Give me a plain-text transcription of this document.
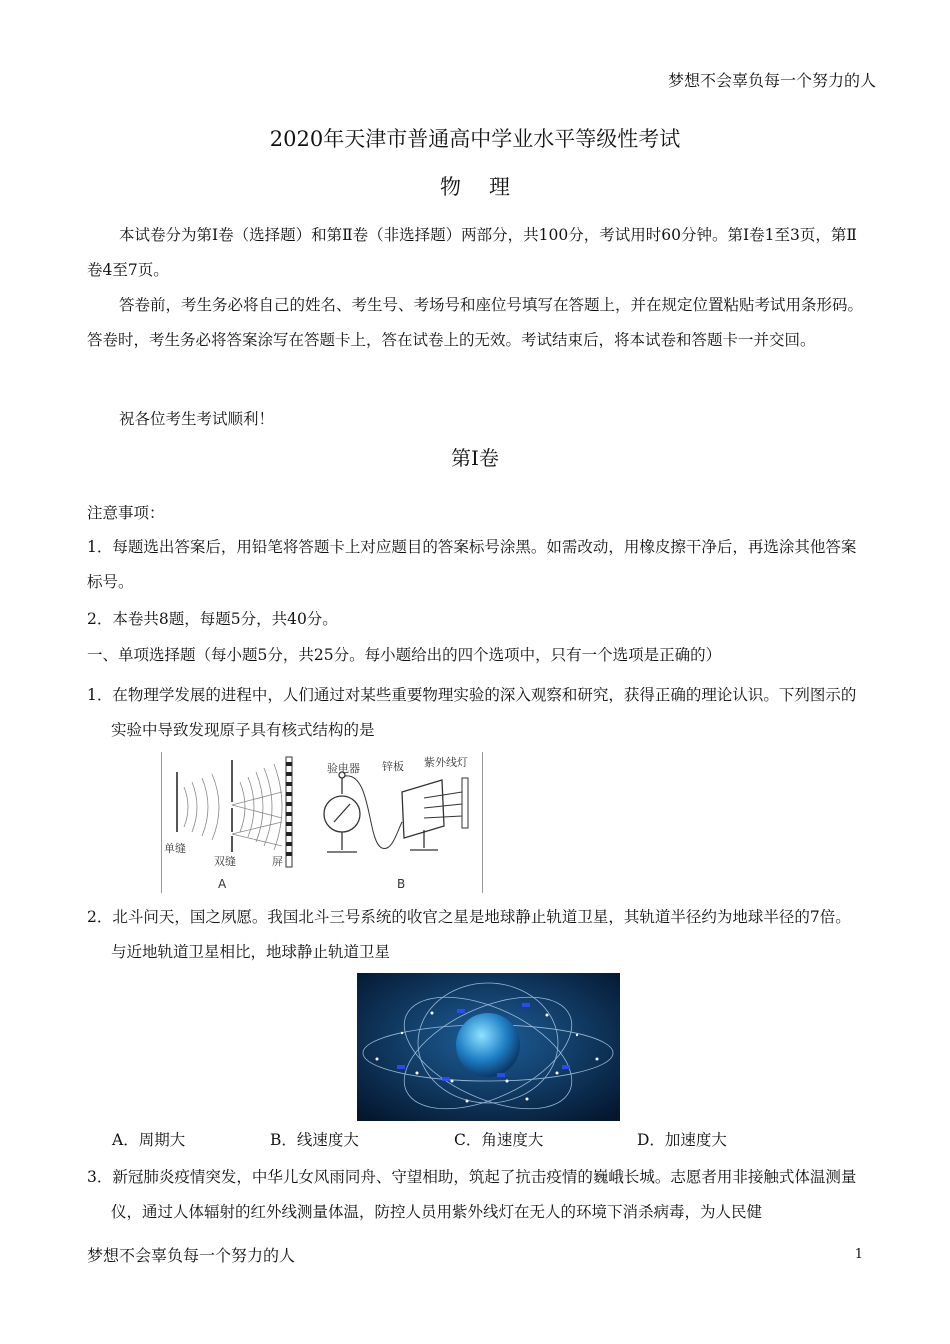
梦想不会辜负每一个努力的人
2020年天津市普通高中学业水平等级性考试
物理
本试卷分为第Ⅰ卷（选择题）和第Ⅱ卷（非选择题）两部分，共100分，考试用时60分钟。第Ⅰ卷1至3页，第Ⅱ卷4至7页。
答卷前，考生务必将自己的姓名、考生号、考场号和座位号填写在答题上，并在规定位置粘贴考试用条形码。答卷时，考生务必将答案涂写在答题卡上，答在试卷上的无效。考试结束后，将本试卷和答题卡一并交回。
祝各位考生考试顺利！
第Ⅰ卷
注意事项：
1．每题选出答案后，用铅笔将答题卡上对应题目的答案标号涂黑。如需改动，用橡皮擦干净后，再选涂其他答案标号。
2．本卷共8题，每题5分，共40分。
一、单项选择题（每小题5分，共25分。每小题给出的四个选项中，只有一个选项是正确的）
1．在物理学发展的进程中，人们通过对某些重要物理实验的深入观察和研究，获得正确的理论认识。下列图示的实验中导致发现原子具有核式结构的是
单缝
双缝	屏
A
验电器 锌板 紫外线灯
B
2．北斗问天，国之夙愿。我国北斗三号系统的收官之星是地球静止轨道卫星，其轨道半径约为地球半径的7倍。与近地轨道卫星相比，地球静止轨道卫星
A．周期大	B．线速度大	C．角速度大	D．加速度大
3．新冠肺炎疫情突发，中华儿女风雨同舟、守望相助，筑起了抗击疫情的巍峨长城。志愿者用非接触式体温测量仪，通过人体辐射的红外线测量体温，防控人员用紫外线灯在无人的环境下消杀病毒，为人民健
梦想不会辜负每一个努力的人	1
